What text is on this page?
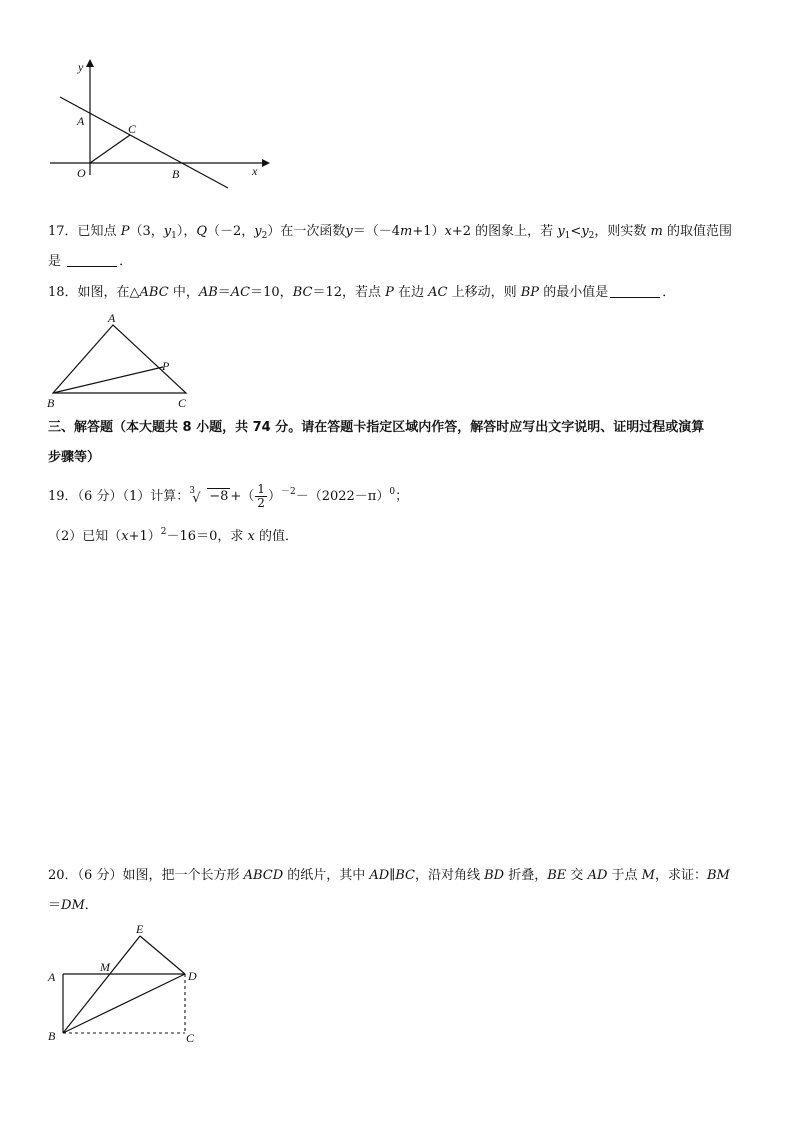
y
x
A
C
O	B
17．已知点 P（3，$y_1$），Q（－2，$y_2$）在一次函数y＝（－4m+1）x+2 的图象上，若 $y_1<y_2$，则实数 m 的取值范围
是	．
18．如图，在△ABC 中，AB＝AC＝10，BC＝12，若点 P 在边 AC 上移动，则 BP 的最小值是	．
A
P
B	C
三、解答题（本大题共 8 小题，共 74 分。请在答题卡指定区域内作答，解答时应写出文字说明、证明过程或演算
步骤等）
19．（6 分）（1）计算： 3
√ −8 +（ $\frac{1}{2} )^{-2}-(2022-\pi)^0$；
（2）已知$(x+1)^2-16=0$，求 x 的值．
20．（6 分）如图，把一个长方形 ABCD 的纸片，其中 AD∥BC，沿对角线 BD 折叠，BE 交 AD 于点 M，求证：BM
＝DM．
E
M
A	D
B	C
